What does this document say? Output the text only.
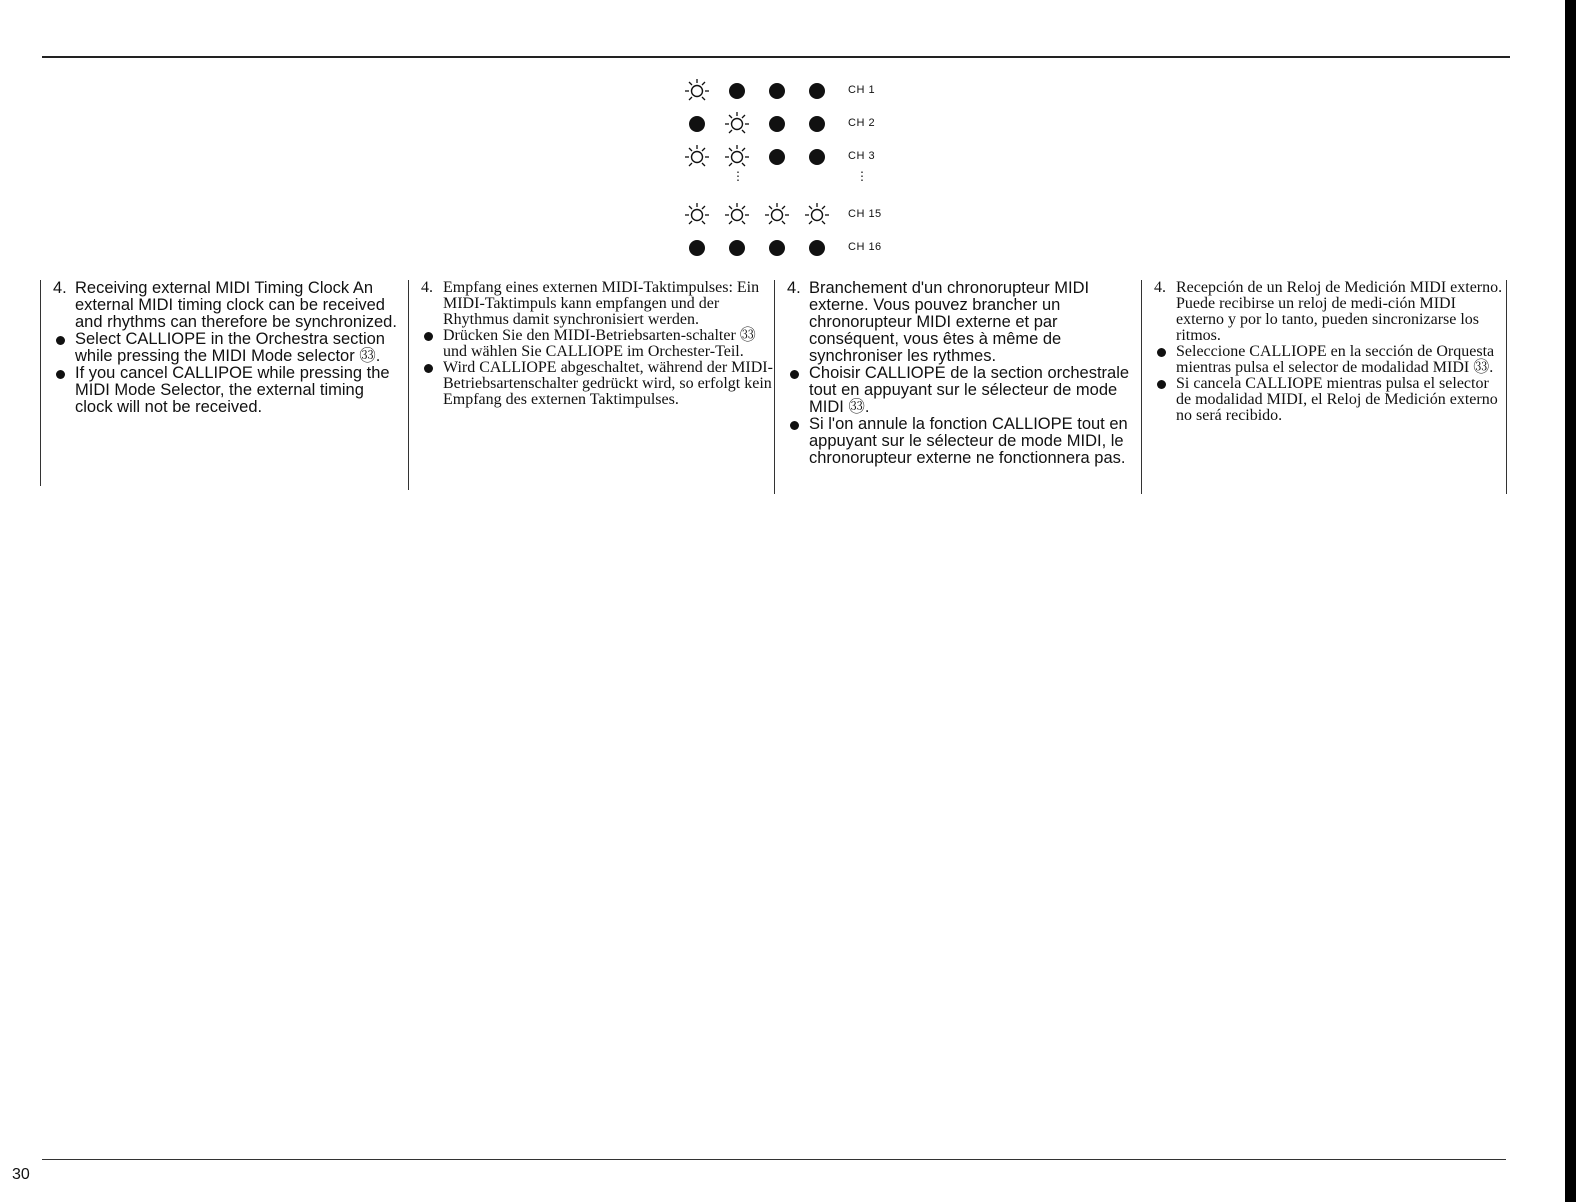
CH 1
CH 2
CH 3
⋮	⋮
CH 15
CH 16
4. Receiving external MIDI Timing Clock An external MIDI timing clock can be received and rhythms can therefore be synchronized.
Select CALLIOPE in the Orchestra section while pressing the MIDI Mode selector ㉝.
If you cancel CALLIPOE while pressing the MIDI Mode Selector, the external timing clock will not be received.
4. Empfang eines externen MIDI-Taktimpulses: Ein MIDI-Taktimpuls kann empfangen und der Rhythmus damit synchronisiert werden.
Drücken Sie den MIDI-Betriebsarten-schalter ㉝ und wählen Sie CALLIOPE im Orchester-Teil.
Wird CALLIOPE abgeschaltet, während der MIDI-Betriebsartenschalter gedrückt wird, so erfolgt kein Empfang des externen Taktimpulses.
4. Branchement d'un chronorupteur MIDI externe. Vous pouvez brancher un chronorupteur MIDI externe et par conséquent, vous êtes à même de synchroniser les rythmes.
Choisir CALLIOPE de la section orchestrale tout en appuyant sur le sélecteur de mode MIDI ㉝.
Si l'on annule la fonction CALLIOPE tout en appuyant sur le sélecteur de mode MIDI, le chronorupteur externe ne fonctionnera pas.
4. Recepción de un Reloj de Medición MIDI externo. Puede recibirse un reloj de medi-ción MIDI externo y por lo tanto, pueden sincronizarse los ritmos.
Seleccione CALLIOPE en la sección de Orquesta mientras pulsa el selector de modalidad MIDI ㉝.
Si cancela CALLIOPE mientras pulsa el selector de modalidad MIDI, el Reloj de Medición externo no será recibido.
30
